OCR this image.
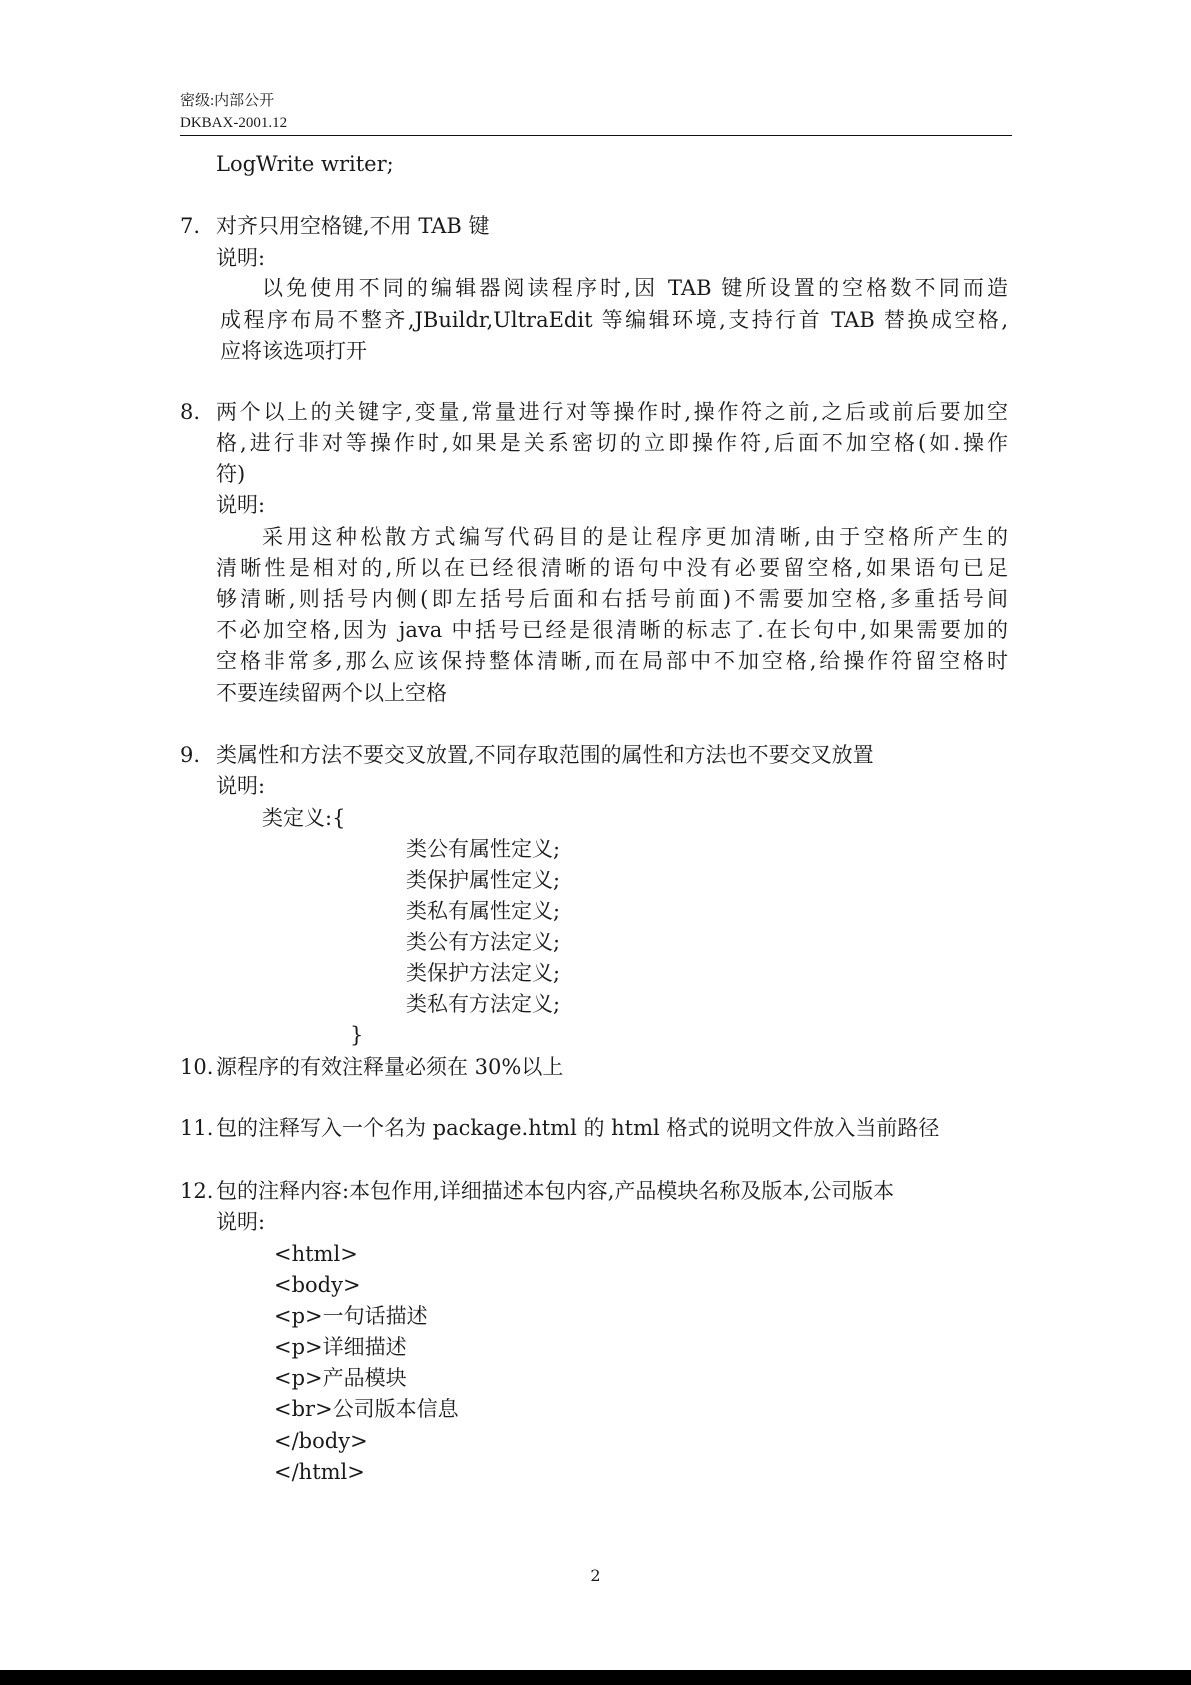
密级:内部公开
DKBAX-2001.12
LogWrite writer;
7. 对齐只用空格键,不用 TAB 键
说明:
以免使用不同的编辑器阅读程序时,因 TAB 键所设置的空格数不同而造
成程序布局不整齐,JBuildr,UltraEdit 等编辑环境,支持行首 TAB 替换成空格,
应将该选项打开
8. 两个以上的关键字,变量,常量进行对等操作时,操作符之前,之后或前后要加空
格,进行非对等操作时,如果是关系密切的立即操作符,后面不加空格(如.操作
符)
说明:
采用这种松散方式编写代码目的是让程序更加清晰,由于空格所产生的
清晰性是相对的,所以在已经很清晰的语句中没有必要留空格,如果语句已足
够清晰,则括号内侧(即左括号后面和右括号前面)不需要加空格,多重括号间
不必加空格,因为 java 中括号已经是很清晰的标志了.在长句中,如果需要加的
空格非常多,那么应该保持整体清晰,而在局部中不加空格,给操作符留空格时
不要连续留两个以上空格
9. 类属性和方法不要交叉放置,不同存取范围的属性和方法也不要交叉放置
说明:
类定义:{
类公有属性定义;
类保护属性定义;
类私有属性定义;
类公有方法定义;
类保护方法定义;
类私有方法定义;
}
10. 源程序的有效注释量必须在 30%以上
11. 包的注释写入一个名为 package.html 的 html 格式的说明文件放入当前路径
12. 包的注释内容:本包作用,详细描述本包内容,产品模块名称及版本,公司版本
说明:
<html>
<body>
<p>一句话描述
<p>详细描述
<p>产品模块
<br>公司版本信息
</body>
</html>
2
